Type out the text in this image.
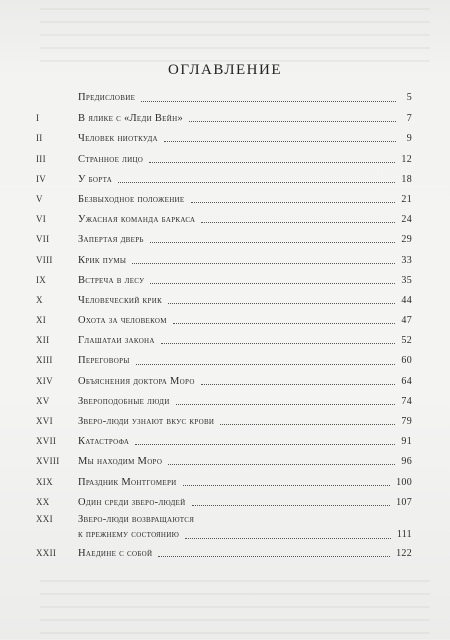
ОГЛАВЛЕНИЕ
Предисловие	5
I	В ялике с «Леди Вейн»	7
II	Человек ниоткуда	9
III	Странное лицо	12
IV	У борта	18
V	Безвыходное положение	21
VI	Ужасная команда баркаса	24
VII	Запертая дверь	29
VIII	Крик пумы	33
IX	Встреча в лесу	35
X	Человеческий крик	44
XI	Охота за человеком	47
XII	Глашатаи закона	52
XIII	Переговоры	60
XIV	Объяснения доктора Моро	64
XV	Звероподобные люди	74
XVI	Зверо-люди узнают вкус крови	79
XVII	Катастрофа	91
XVIII	Мы находим Моро	96
XIX	Праздник Монтгомери	100
XX	Один среди зверо-людей	107
XXI	Зверо-люди возвращаются
к прежнему состоянию	111
XXII	Наедине с собой	122
